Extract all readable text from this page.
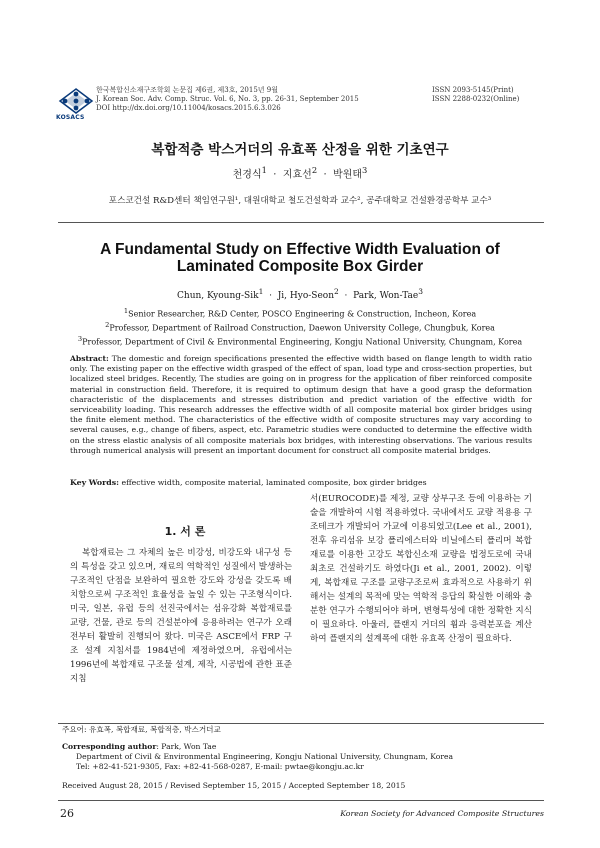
KOSACS
한국복합신소재구조학회 논문집 제6권, 제3호, 2015년 9월
J. Korean Soc. Adv. Comp. Struc. Vol. 6, No. 3, pp. 26-31, September 2015
DOI http://dx.doi.org/10.11004/kosacs.2015.6.3.026
ISSN 2093-5145(Print)
ISSN 2288-0232(Online)
복합적층 박스거더의 유효폭 산정을 위한 기초연구
천경식$^1$ · 지효선$^2$ · 박원태$^3$
포스코건설 R&D센터 책임연구원¹, 대원대학교 철도건설학과 교수², 공주대학교 건설환경공학부 교수³
A Fundamental Study on Effective Width Evaluation of
Laminated Composite Box Girder
Chun, Kyoung-Sik$^1$ · Ji, Hyo-Seon$^2$ · Park, Won-Tae$^3$
$^1$Senior Researcher, R&D Center, POSCO Engineering & Construction, Incheon, Korea
$^2$Professor, Department of Railroad Construction, Daewon University College, Chungbuk, Korea
$^3$Professor, Department of Civil & Environmental Engineering, Kongju National University, Chungnam, Korea
Abstract: The domestic and foreign specifications presented the effective width based on flange length to width ratio only. The existing paper on the effective width grasped of the effect of span, load type and cross-section properties, but localized steel bridges. Recently, The studies are going on in progress for the application of fiber reinforced composite material in construction field. Therefore, it is required to optimum design that have a good grasp the deformation characteristic of the displacements and stresses distribution and predict variation of the effective width for serviceability loading. This research addresses the effective width of all composite material box girder bridges using the finite element method. The characteristics of the effective width of composite structures may vary according to several causes, e.g., change of fibers, aspect, etc. Parametric studies were conducted to determine the effective width on the stress elastic analysis of all composite materials box bridges, with interesting observations. The various results through numerical analysis will present an important document for construct all composite material bridges.
Key Words: effective width, composite material, laminated composite, box girder bridges
1. 서 론
복합재료는 그 자체의 높은 비강성, 비강도와 내구성 등의 특성을 갖고 있으며, 재료의 역학적인 성질에서 발생하는 구조적인 단점을 보완하여 필요한 강도와 강성을 갖도록 배치함으로써 구조적인 효율성을 높일 수 있는 구조형식이다. 미국, 일본, 유럽 등의 선진국에서는 섬유강화 복합재료를 교량, 건물, 관로 등의 건설분야에 응용하려는 연구가 오래전부터 활발히 진행되어 왔다. 미국은 ASCE에서 FRP 구조 설계 지침서를 1984년에 제정하였으며, 유럽에서는 1996년에 복합재료 구조물 설계, 제작, 시공법에 관한 표준지침
서(EUROCODE)를 제정, 교량 상부구조 등에 이용하는 기술을 개발하여 시험 적용하였다. 국내에서도 교량 적용용 구조테크가 개발되어 가교에 이용되었고(Lee et al., 2001), 전후 유리섬유 보강 폴리에스터와 비닐에스터 폴리머 복합재료를 이용한 고강도 복합신소재 교량을 법정도로에 국내최초로 건설하기도 하였다(Ji et al., 2001, 2002). 이렇게, 복합재료 구조를 교량구조로써 효과적으로 사용하기 위해서는 설계의 목적에 맞는 역학적 응답의 확실한 이해와 충분한 연구가 수행되어야 하며, 변형특성에 대한 정확한 지식이 필요하다. 아울러, 플랜지 거더의 휨과 응력분포을 계산하여 플랜지의 설계폭에 대한 유효폭 산정이 필요하다.
주요어: 유효폭, 복합재료, 복합적층, 박스거더교
Corresponding author: Park, Won Tae
Department of Civil & Environmental Engineering, Kongju National University, Chungnam, Korea
Tel: +82-41-521-9305, Fax: +82-41-568-0287, E-mail: pwtae@kongju.ac.kr
Received August 28, 2015 / Revised September 15, 2015 / Accepted September 18, 2015
26	Korean Society for Advanced Composite Structures
